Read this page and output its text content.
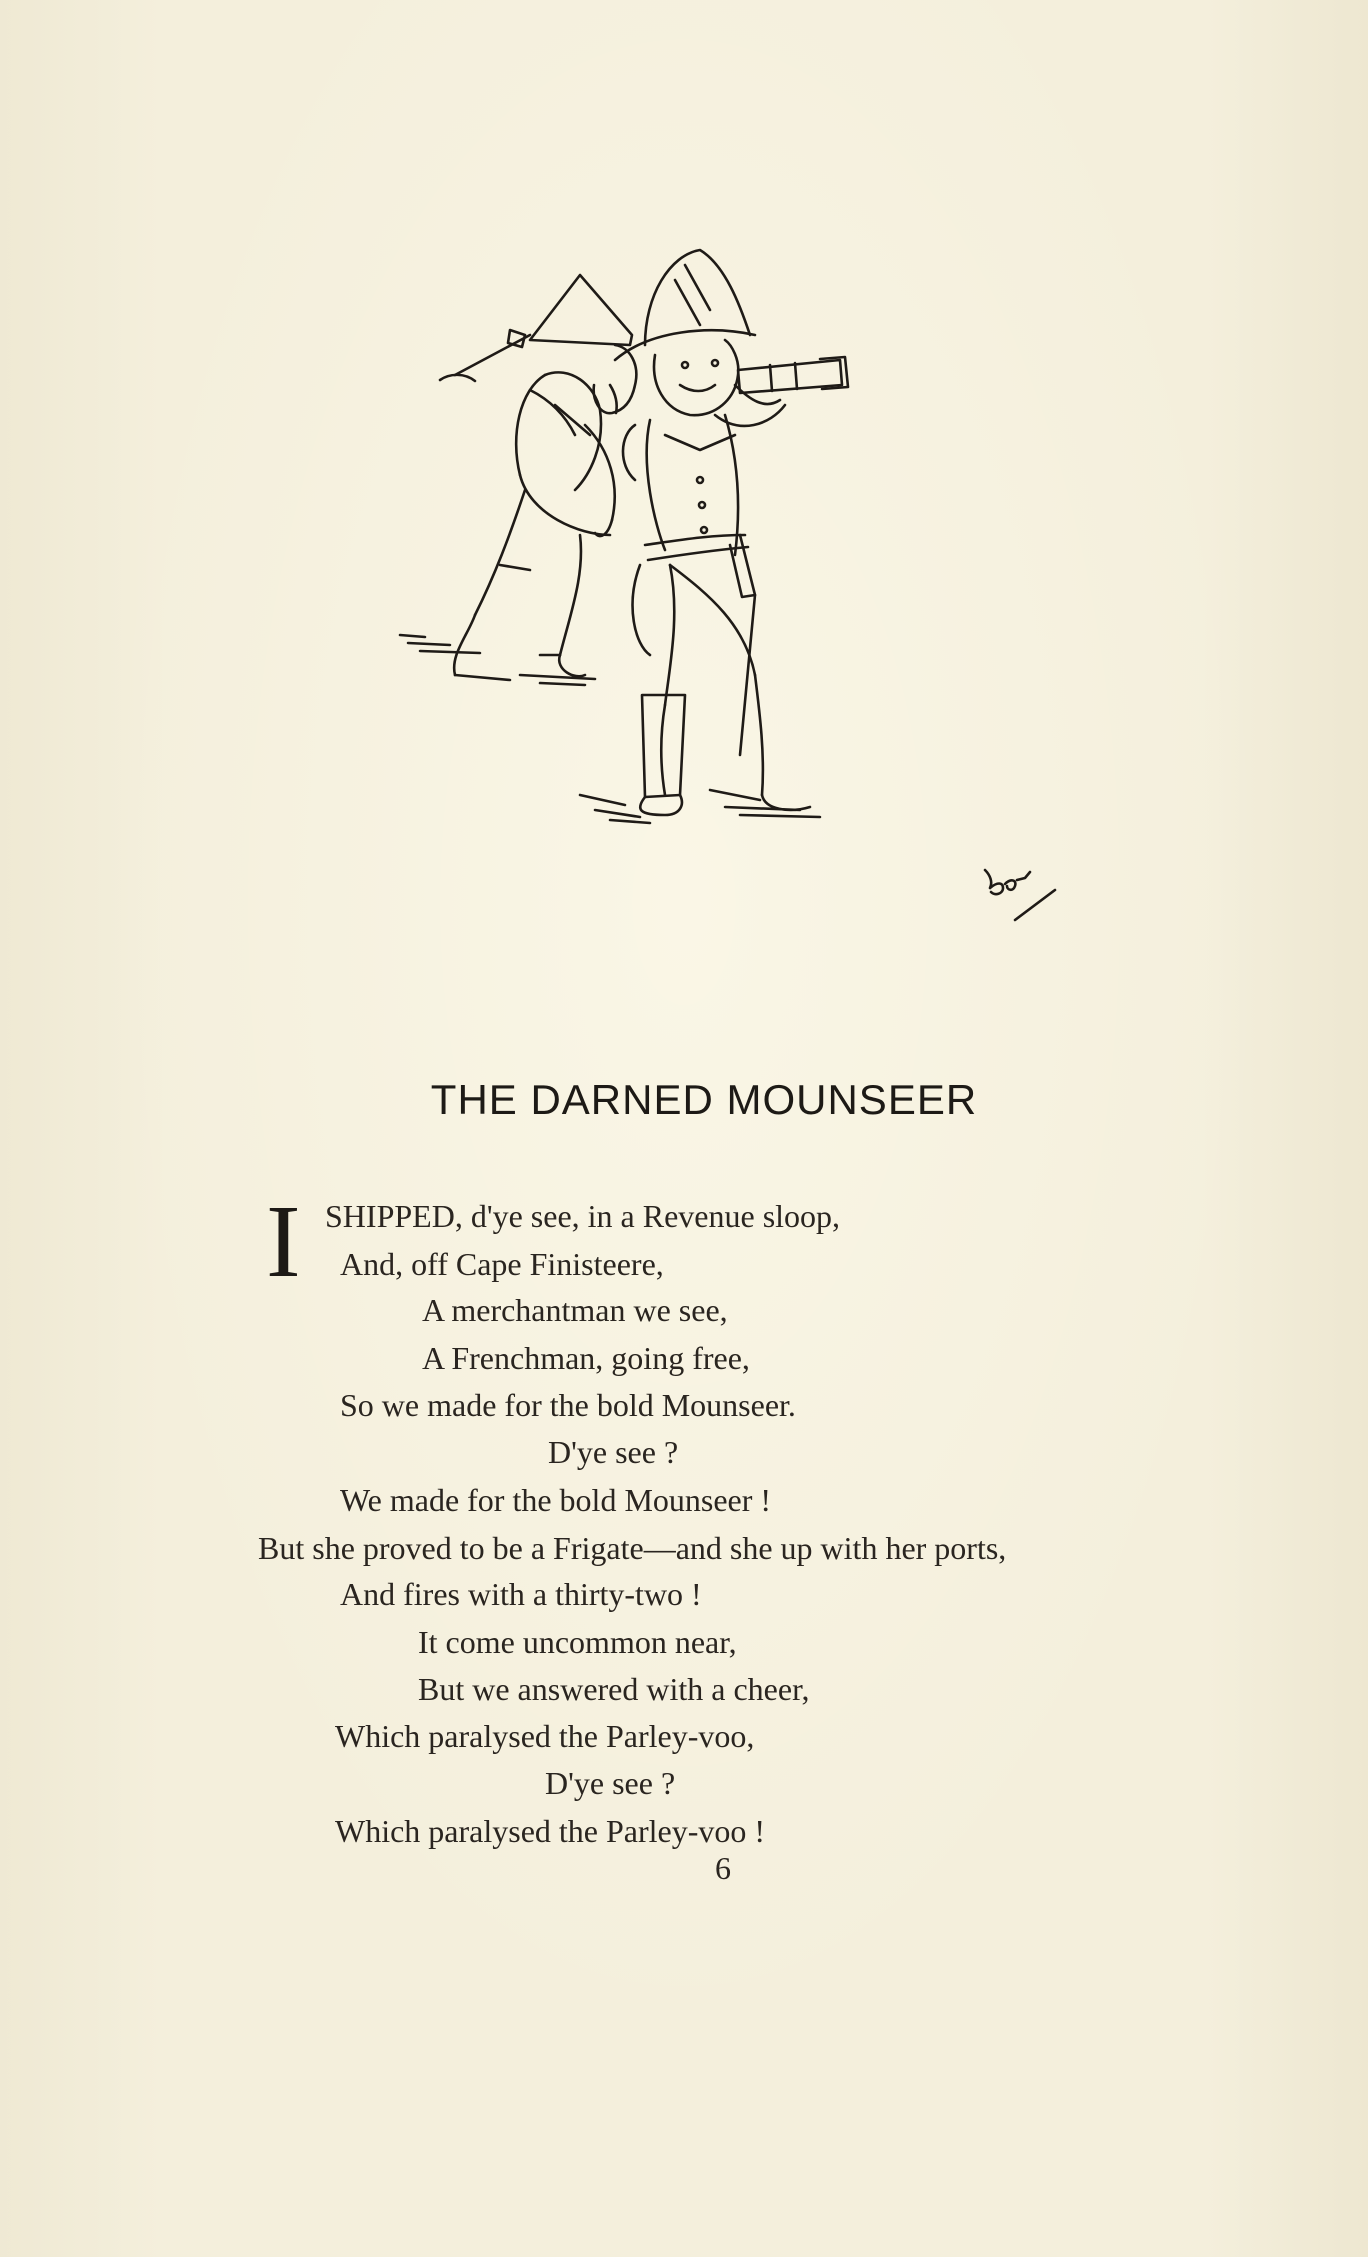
THE DARNED MOUNSEER
I SHIPPED, d'ye see, in a Revenue sloop,
And, off Cape Finisteere,
A merchantman we see,
A Frenchman, going free,
So we made for the bold Mounseer.
D'ye see ?
We made for the bold Mounseer !
But she proved to be a Frigate—and she up with her ports,
And fires with a thirty-two !
It come uncommon near,
But we answered with a cheer,
Which paralysed the Parley-voo,
D'ye see ?
Which paralysed the Parley-voo !
6
